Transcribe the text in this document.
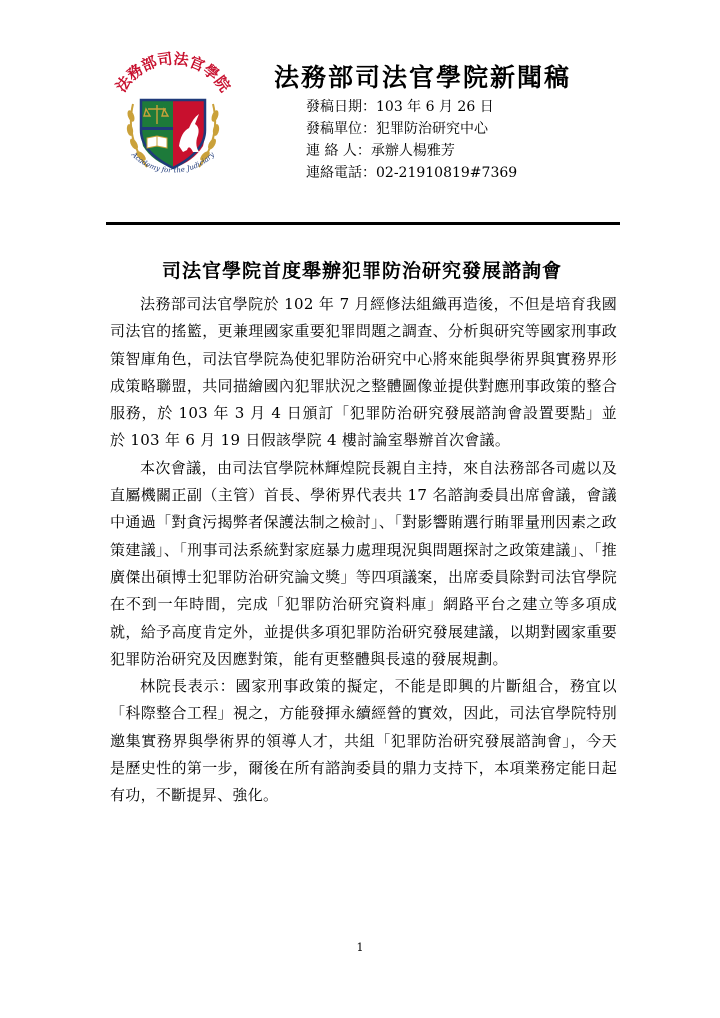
法務部司法官學院
Academy for the Judiciary
法務部司法官學院新聞稿
發稿日期：103 年 6 月 26 日
發稿單位：犯罪防治研究中心
連 絡 人：承辦人楊雅芳
連絡電話：02-21910819#7369
司法官學院首度舉辦犯罪防治研究發展諮詢會

法務部司法官學院於 102 年 7 月經修法組織再造後，不但是培育我國司法官的搖籃，更兼理國家重要犯罪問題之調查、分析與研究等國家刑事政策智庫角色，司法官學院為使犯罪防治研究中心將來能與學術界與實務界形成策略聯盟，共同描繪國內犯罪狀況之整體圖像並提供對應刑事政策的整合服務，於 103 年 3 月 4 日頒訂「犯罪防治研究發展諮詢會設置要點」並於 103 年 6 月 19 日假該學院 4 樓討論室舉辦首次會議。

本次會議，由司法官學院林輝煌院長親自主持，來自法務部各司處以及直屬機關正副（主管）首長、學術界代表共 17 名諮詢委員出席會議，會議中通過「對貪污揭弊者保護法制之檢討」、「對影響賄選行賄罪量刑因素之政策建議」、「刑事司法系統對家庭暴力處理現況與問題探討之政策建議」、「推廣傑出碩博士犯罪防治研究論文獎」等四項議案，出席委員除對司法官學院在不到一年時間，完成「犯罪防治研究資料庫」網路平台之建立等多項成就，給予高度肯定外，並提供多項犯罪防治研究發展建議，以期對國家重要犯罪防治研究及因應對策，能有更整體與長遠的發展規劃。

林院長表示：國家刑事政策的擬定，不能是即興的片斷組合，務宜以「科際整合工程」視之，方能發揮永續經營的實效，因此，司法官學院特別邀集實務界與學術界的領導人才，共組「犯罪防治研究發展諮詢會」，今天是歷史性的第一步，爾後在所有諮詢委員的鼎力支持下，本項業務定能日起有功，不斷提昇、強化。

1
